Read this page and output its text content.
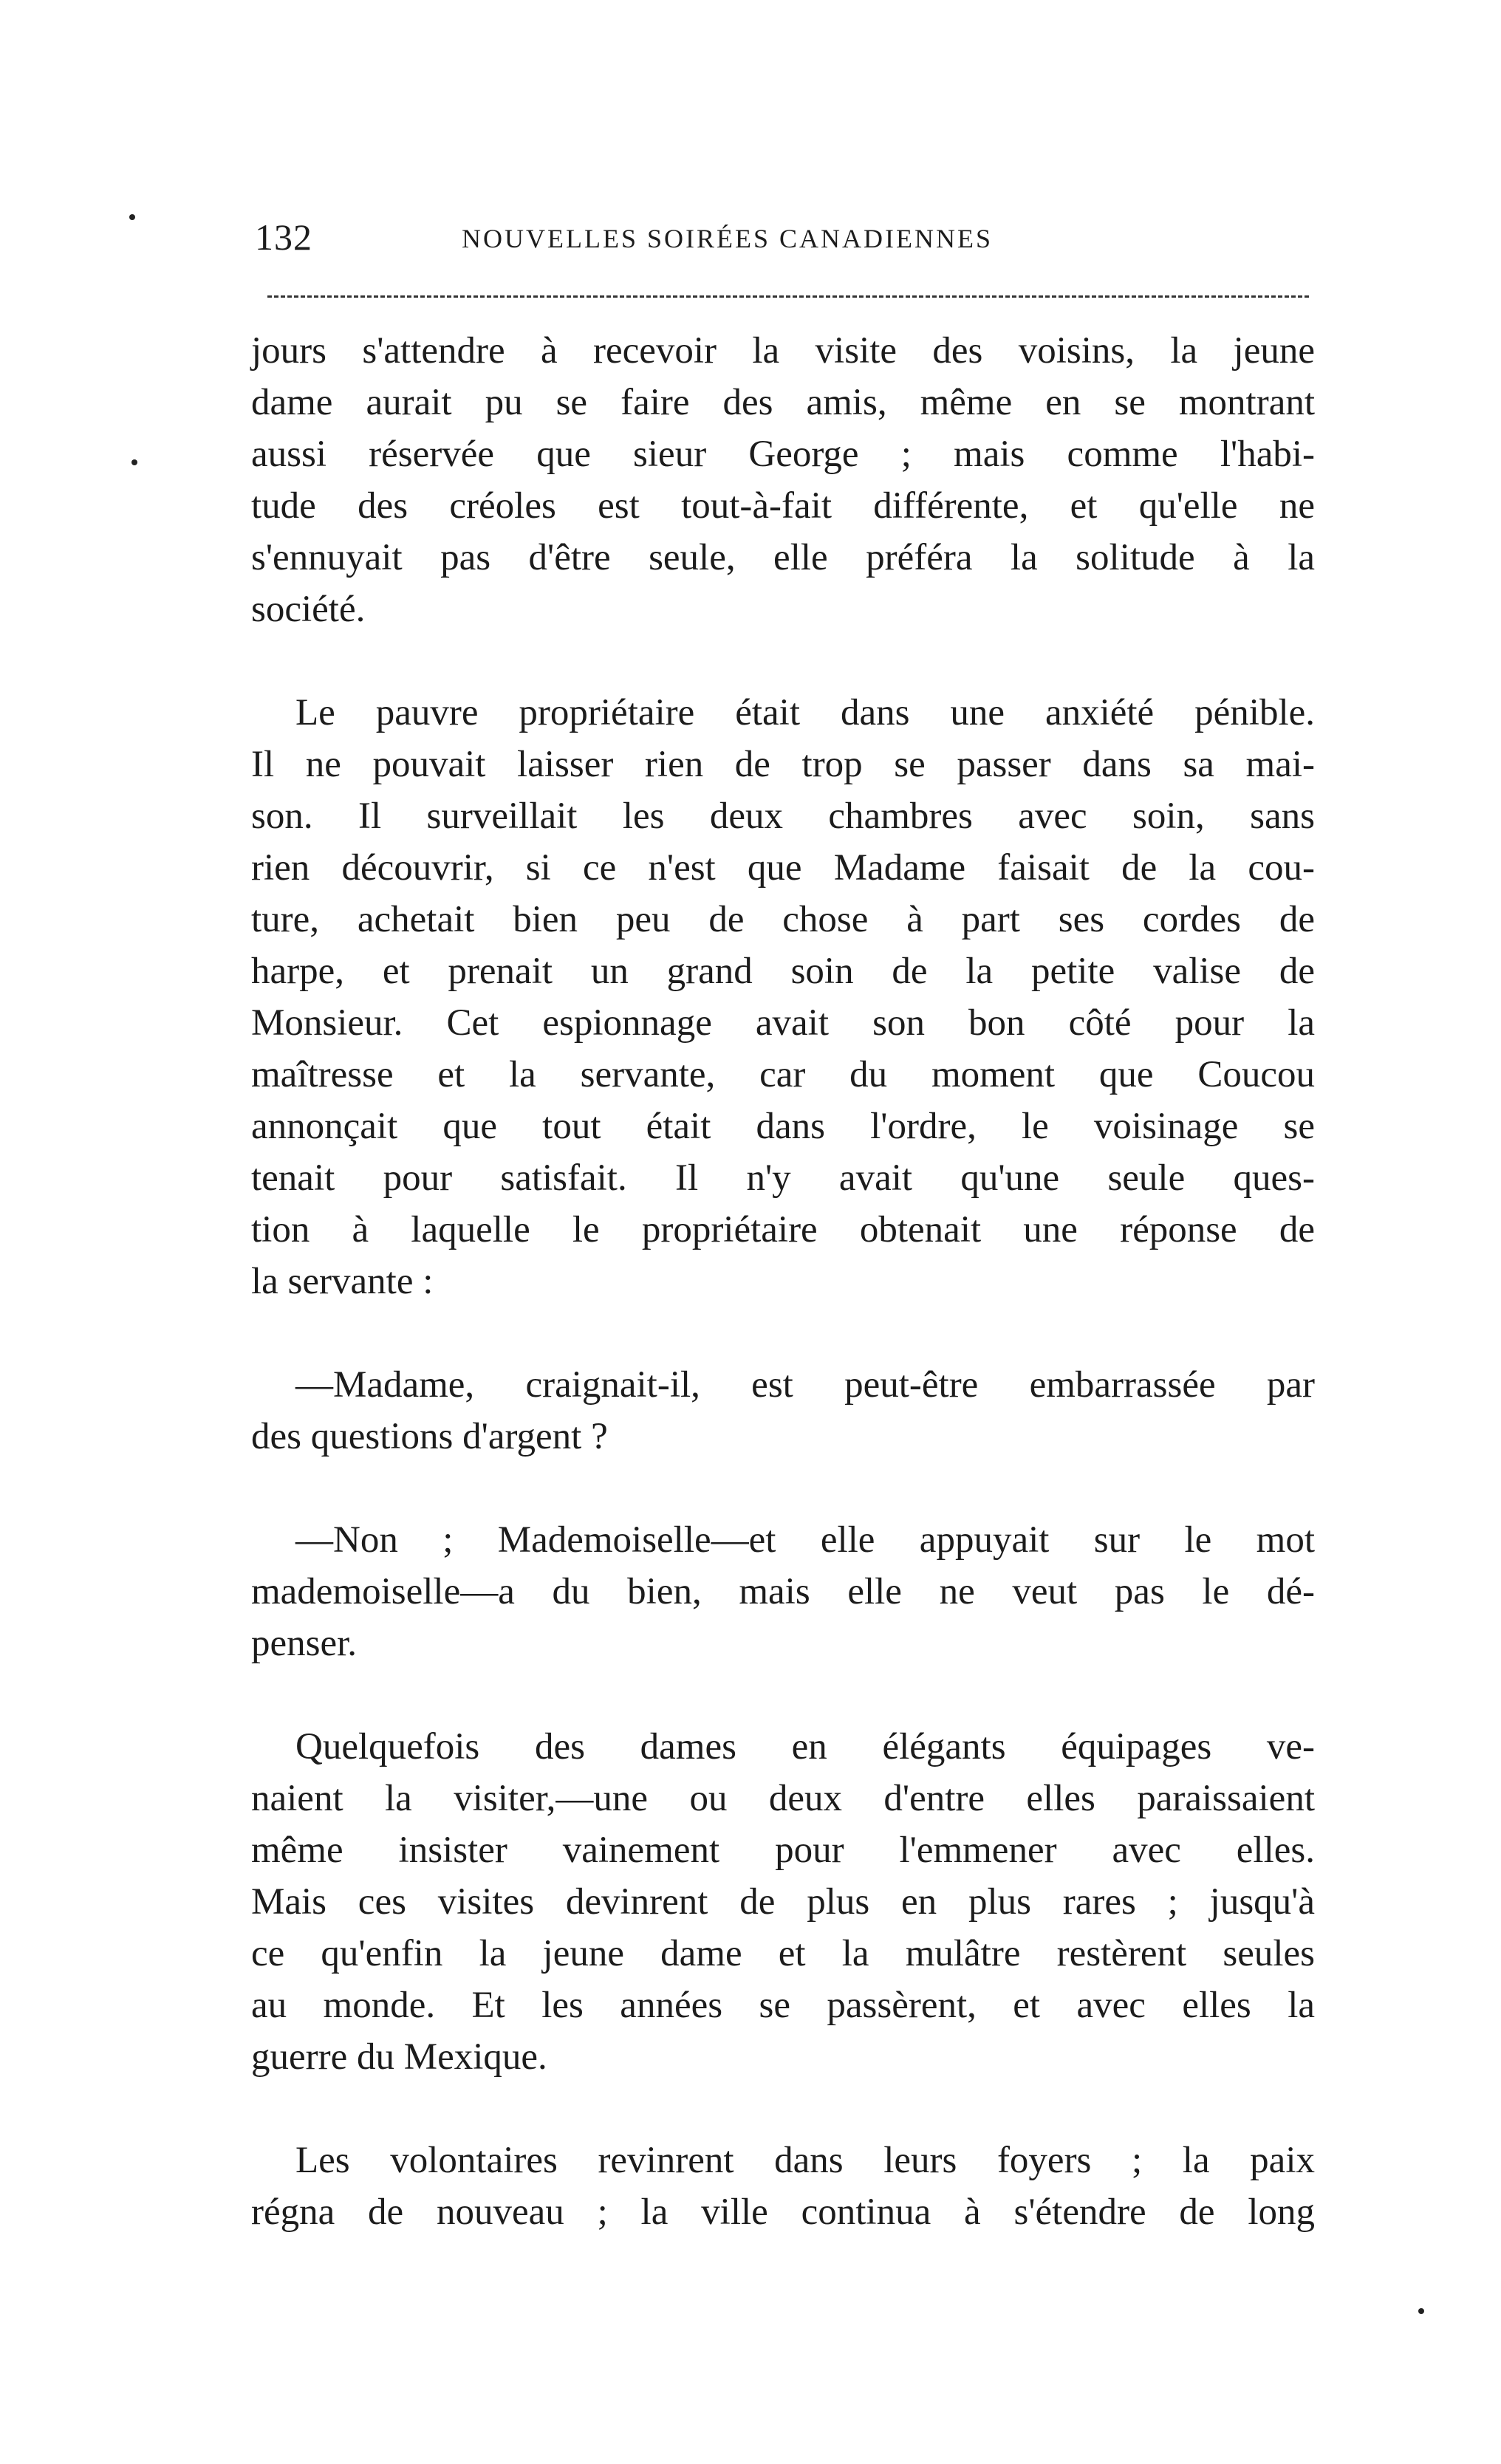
132	NOUVELLES SOIRÉES CANADIENNES
jours s'attendre à recevoir la visite des voisins, la jeune
dame aurait pu se faire des amis, même en se montrant
aussi réservée que sieur George ; mais comme l'habi-
tude des créoles est tout-à-fait différente, et qu'elle ne
s'ennuyait pas d'être seule, elle préféra la solitude à la
société.
Le pauvre propriétaire était dans une anxiété pénible.
Il ne pouvait laisser rien de trop se passer dans sa mai-
son. Il surveillait les deux chambres avec soin, sans
rien découvrir, si ce n'est que Madame faisait de la cou-
ture, achetait bien peu de chose à part ses cordes de
harpe, et prenait un grand soin de la petite valise de
Monsieur. Cet espionnage avait son bon côté pour la
maîtresse et la servante, car du moment que Coucou
annonçait que tout était dans l'ordre, le voisinage se
tenait pour satisfait. Il n'y avait qu'une seule ques-
tion à laquelle le propriétaire obtenait une réponse de
la servante :
—Madame, craignait-il, est peut-être embarrassée par
des questions d'argent ?
—Non ; Mademoiselle—et elle appuyait sur le mot
mademoiselle—a du bien, mais elle ne veut pas le dé-
penser.
Quelquefois des dames en élégants équipages ve-
naient la visiter,—une ou deux d'entre elles paraissaient
même insister vainement pour l'emmener avec elles.
Mais ces visites devinrent de plus en plus rares ; jusqu'à
ce qu'enfin la jeune dame et la mulâtre restèrent seules
au monde. Et les années se passèrent, et avec elles la
guerre du Mexique.
Les volontaires revinrent dans leurs foyers ; la paix
régna de nouveau ; la ville continua à s'étendre de long
